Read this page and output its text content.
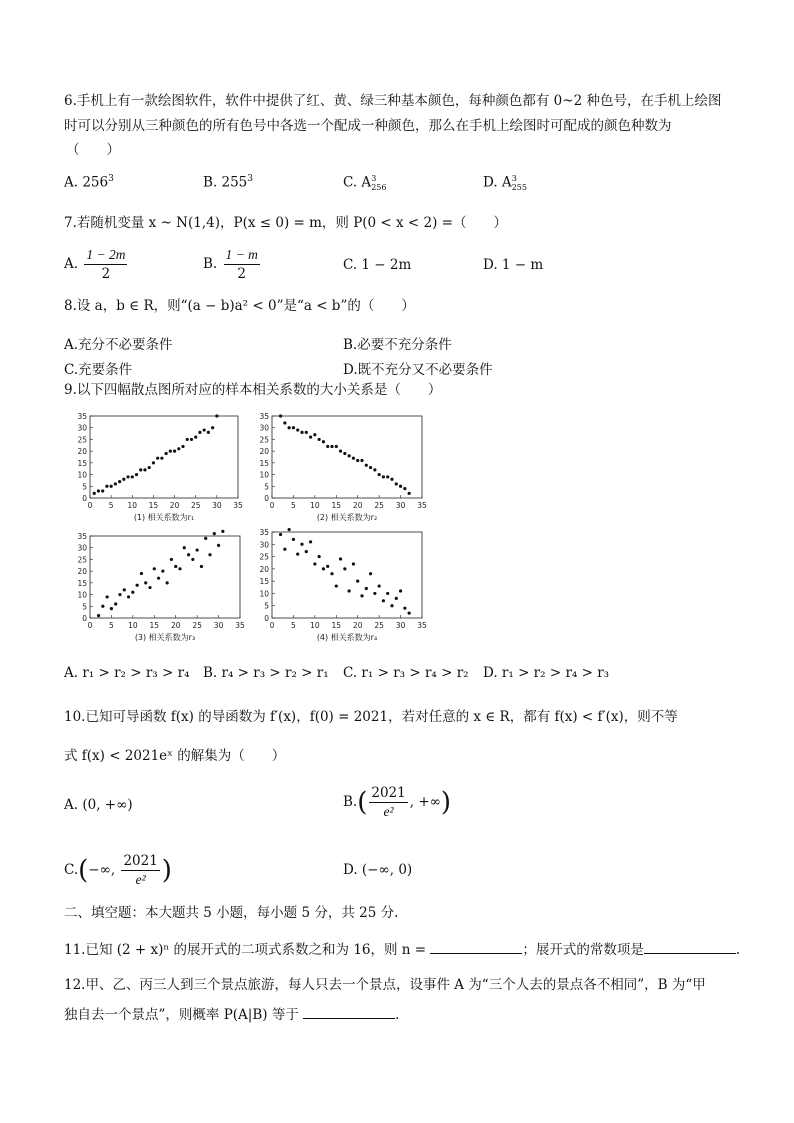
6.手机上有一款绘图软件，软件中提供了红、黄、绿三种基本颜色，每种颜色都有 0~2 种色号，在手机上绘图
时可以分别从三种颜色的所有色号中各选一个配成一种颜色，那么在手机上绘图时可配成的颜色种数为
（　　）
A. $256^3$	B. $255^3$	C. A 3
256	D. A 3
255
7.若随机变量 x ~ N(1,4)，P(x ≤ 0) = m，则 P(0 < x < 2) =（　　）
A. $\frac{1 - 2m}{2}$	B. $\frac{1 - m}{2}$	C. 1 − 2m	D. 1 − m
8.设 a，b ∈ R，则“(a − b)a² < 0”是“a < b”的（　　）
A.充分不必要条件	B.必要不充分条件
C.充要条件	D.既不充分又不必要条件
9.以下四幅散点图所对应的样本相关系数的大小关系是（　　）
0
5
10
15
20
25
30
35
0 5 10 15 20 25 30 35
(1) 相关系数为r₁
0
5
10
15
20
25
30
35
0 5 10 15 20 25 30 35
(2) 相关系数为r₂
0
5
10
15
20
25
30
35
0 5 10 15 20 25 30 35
(3) 相关系数为r₃
0
5
10
15
20
25
30
35
0 5 10 15 20 25 30 35
(4) 相关系数为r₄
A. r₁ > r₂ > r₃ > r₄ B. r₄ > r₃ > r₂ > r₁ C. r₁ > r₃ > r₄ > r₂ D. r₁ > r₂ > r₄ > r₃
10.已知可导函数 f(x) 的导函数为 f′(x)，f(0) = 2021，若对任意的 x ∈ R，都有 f(x) < f′(x)，则不等
式 f(x) < 2021eˣ 的解集为（　　）
A. (0, +∞)	$B.( \frac{2021}{\text{e²}}$ , +∞)
C.(−∞, $\frac{2021}{\text{e²}}$ )	D. (−∞, 0)
二、填空题：本大题共 5 小题，每小题 5 分，共 25 分.
11.已知 (2 + x)ⁿ 的展开式的二项式系数之和为 16，则 n =	；展开式的常数项是	.
12.甲、乙、丙三人到三个景点旅游，每人只去一个景点，设事件 A 为“三个人去的景点各不相同”，B 为“甲
独自去一个景点”，则概率 P(A|B) 等于	.
